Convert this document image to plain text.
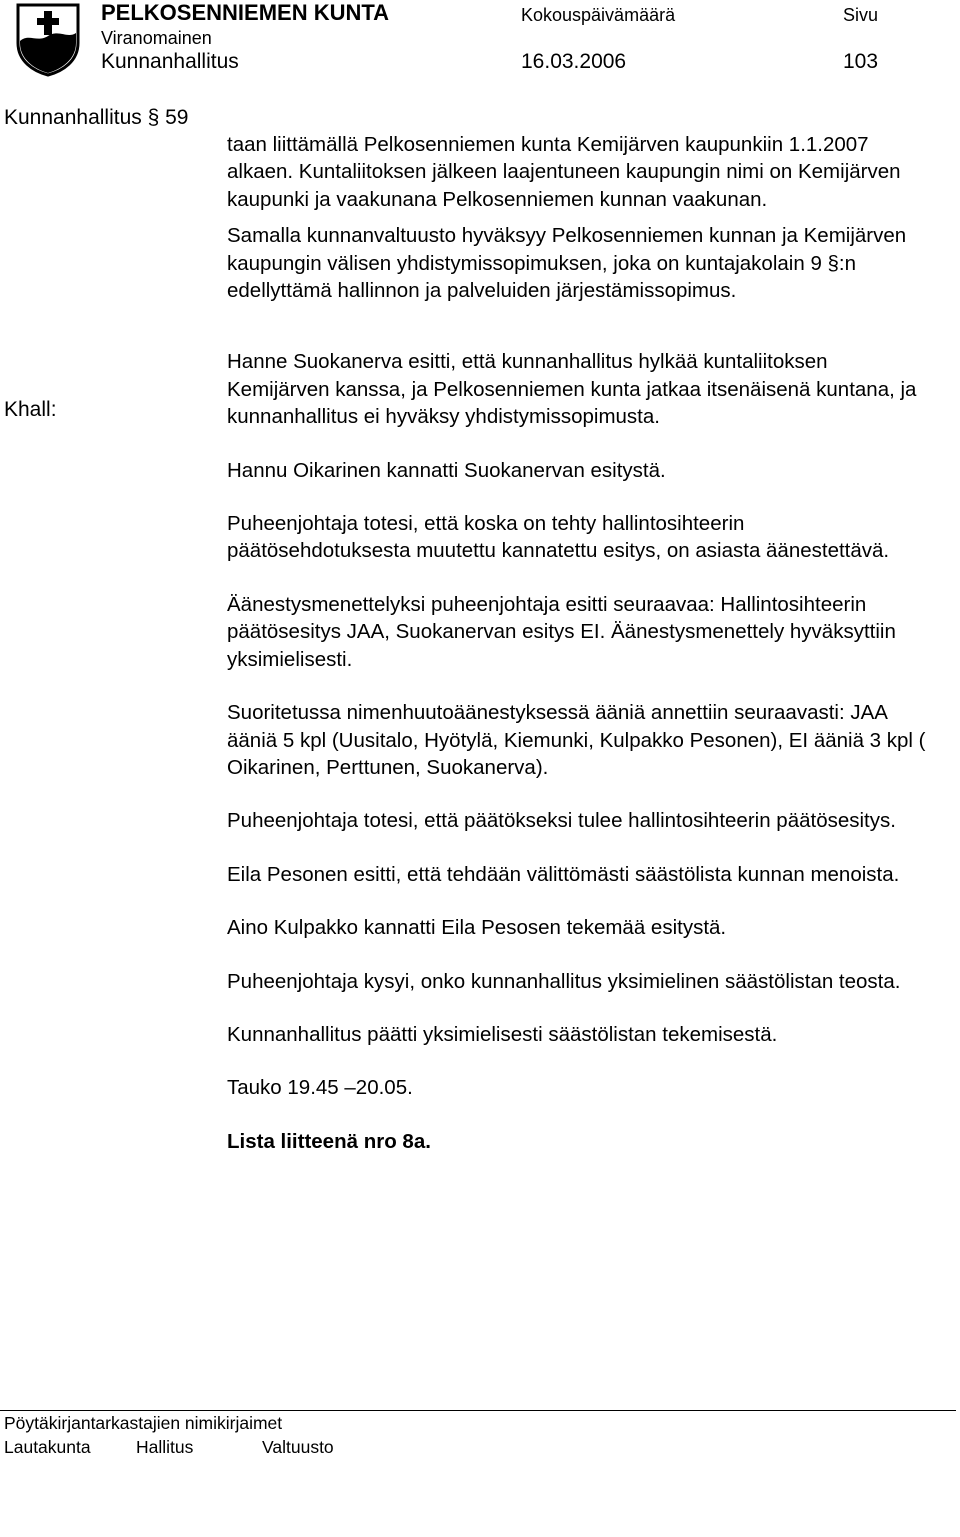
PELKOSENNIEMEN KUNTA
Viranomainen
Kunnanhallitus
Kokouspäivämäärä
16.03.2006
Sivu
103
Kunnanhallitus § 59
Khall:

taan liittämällä Pelkosenniemen kunta Kemijärven kaupunkiin 1.1.2007 alkaen. Kuntaliitoksen jälkeen laajentuneen kaupungin nimi on Kemijärven kaupunki ja vaakunana Pelkosenniemen kunnan vaakunan.

Samalla kunnanvaltuusto hyväksyy Pelkosenniemen kunnan ja Kemijärven kaupungin välisen yhdistymissopimuksen, joka on kuntajakolain 9 §:n edellyttämä hallinnon ja palveluiden järjestämissopimus.

Hanne Suokanerva esitti, että kunnanhallitus hylkää kuntaliitoksen Kemijärven kanssa, ja Pelkosenniemen kunta jatkaa itsenäisenä kuntana, ja kunnanhallitus ei hyväksy yhdistymissopimusta.

Hannu Oikarinen kannatti Suokanervan esitystä.

Puheenjohtaja totesi, että koska on tehty hallintosihteerin päätösehdotuksesta muutettu kannatettu esitys, on asiasta äänestettävä.

Äänestysmenettelyksi puheenjohtaja esitti seuraavaa: Hallintosihteerin päätösesitys JAA, Suokanervan esitys EI. Äänestysmenettely hyväksyttiin yksimielisesti.

Suoritetussa nimenhuutoäänestyksessä ääniä annettiin seuraavasti: JAA ääniä 5 kpl (Uusitalo, Hyötylä, Kiemunki, Kulpakko Pesonen), EI ääniä 3 kpl ( Oikarinen, Perttunen, Suokanerva).

Puheenjohtaja totesi, että päätökseksi tulee hallintosihteerin päätösesitys.

Eila Pesonen esitti, että tehdään välittömästi säästölista kunnan menoista.

Aino Kulpakko kannatti Eila Pesosen tekemää esitystä.

Puheenjohtaja kysyi, onko kunnanhallitus yksimielinen säästölistan teosta.

Kunnanhallitus päätti yksimielisesti säästölistan tekemisestä.

Tauko 19.45 –20.05.

Lista liitteenä nro 8a.

Pöytäkirjantarkastajien nimikirjaimet
Lautakunta	Hallitus	Valtuusto
